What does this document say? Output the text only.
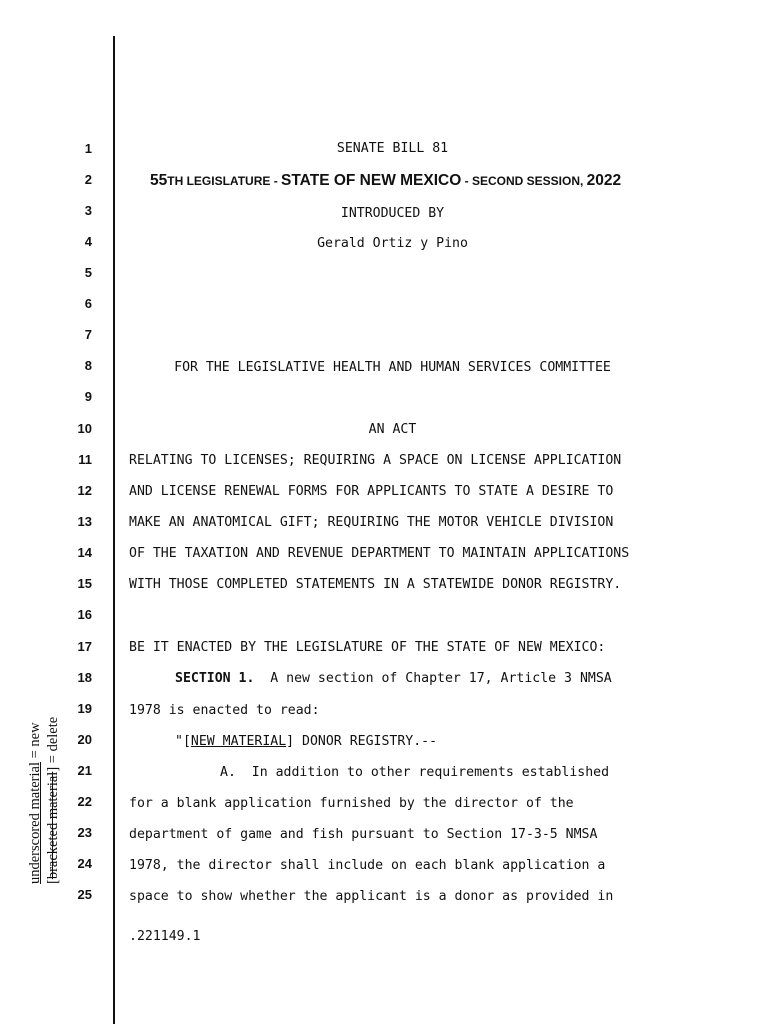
1
2
3
4
5
6
7
8
9
10
11
12
13
14
15
16
17
18
19
20
21
22
23
24
25
SENATE BILL 81
55TH LEGISLATURE - STATE OF NEW MEXICO - SECOND SESSION, 2022
INTRODUCED BY
Gerald Ortiz y Pino
FOR THE LEGISLATIVE HEALTH AND HUMAN SERVICES COMMITTEE
AN ACT
RELATING TO LICENSES; REQUIRING A SPACE ON LICENSE APPLICATION
AND LICENSE RENEWAL FORMS FOR APPLICANTS TO STATE A DESIRE TO
MAKE AN ANATOMICAL GIFT; REQUIRING THE MOTOR VEHICLE DIVISION
OF THE TAXATION AND REVENUE DEPARTMENT TO MAINTAIN APPLICATIONS
WITH THOSE COMPLETED STATEMENTS IN A STATEWIDE DONOR REGISTRY.
BE IT ENACTED BY THE LEGISLATURE OF THE STATE OF NEW MEXICO:
SECTION 1. A new section of Chapter 17, Article 3 NMSA
1978 is enacted to read:
"[NEW MATERIAL] DONOR REGISTRY.--
A.  In addition to other requirements established
for a blank application furnished by the director of the
department of game and fish pursuant to Section 17-3-5 NMSA
1978, the director shall include on each blank application a
space to show whether the applicant is a donor as provided in
.221149.1
underscored material = new
[bracketed material] = delete
